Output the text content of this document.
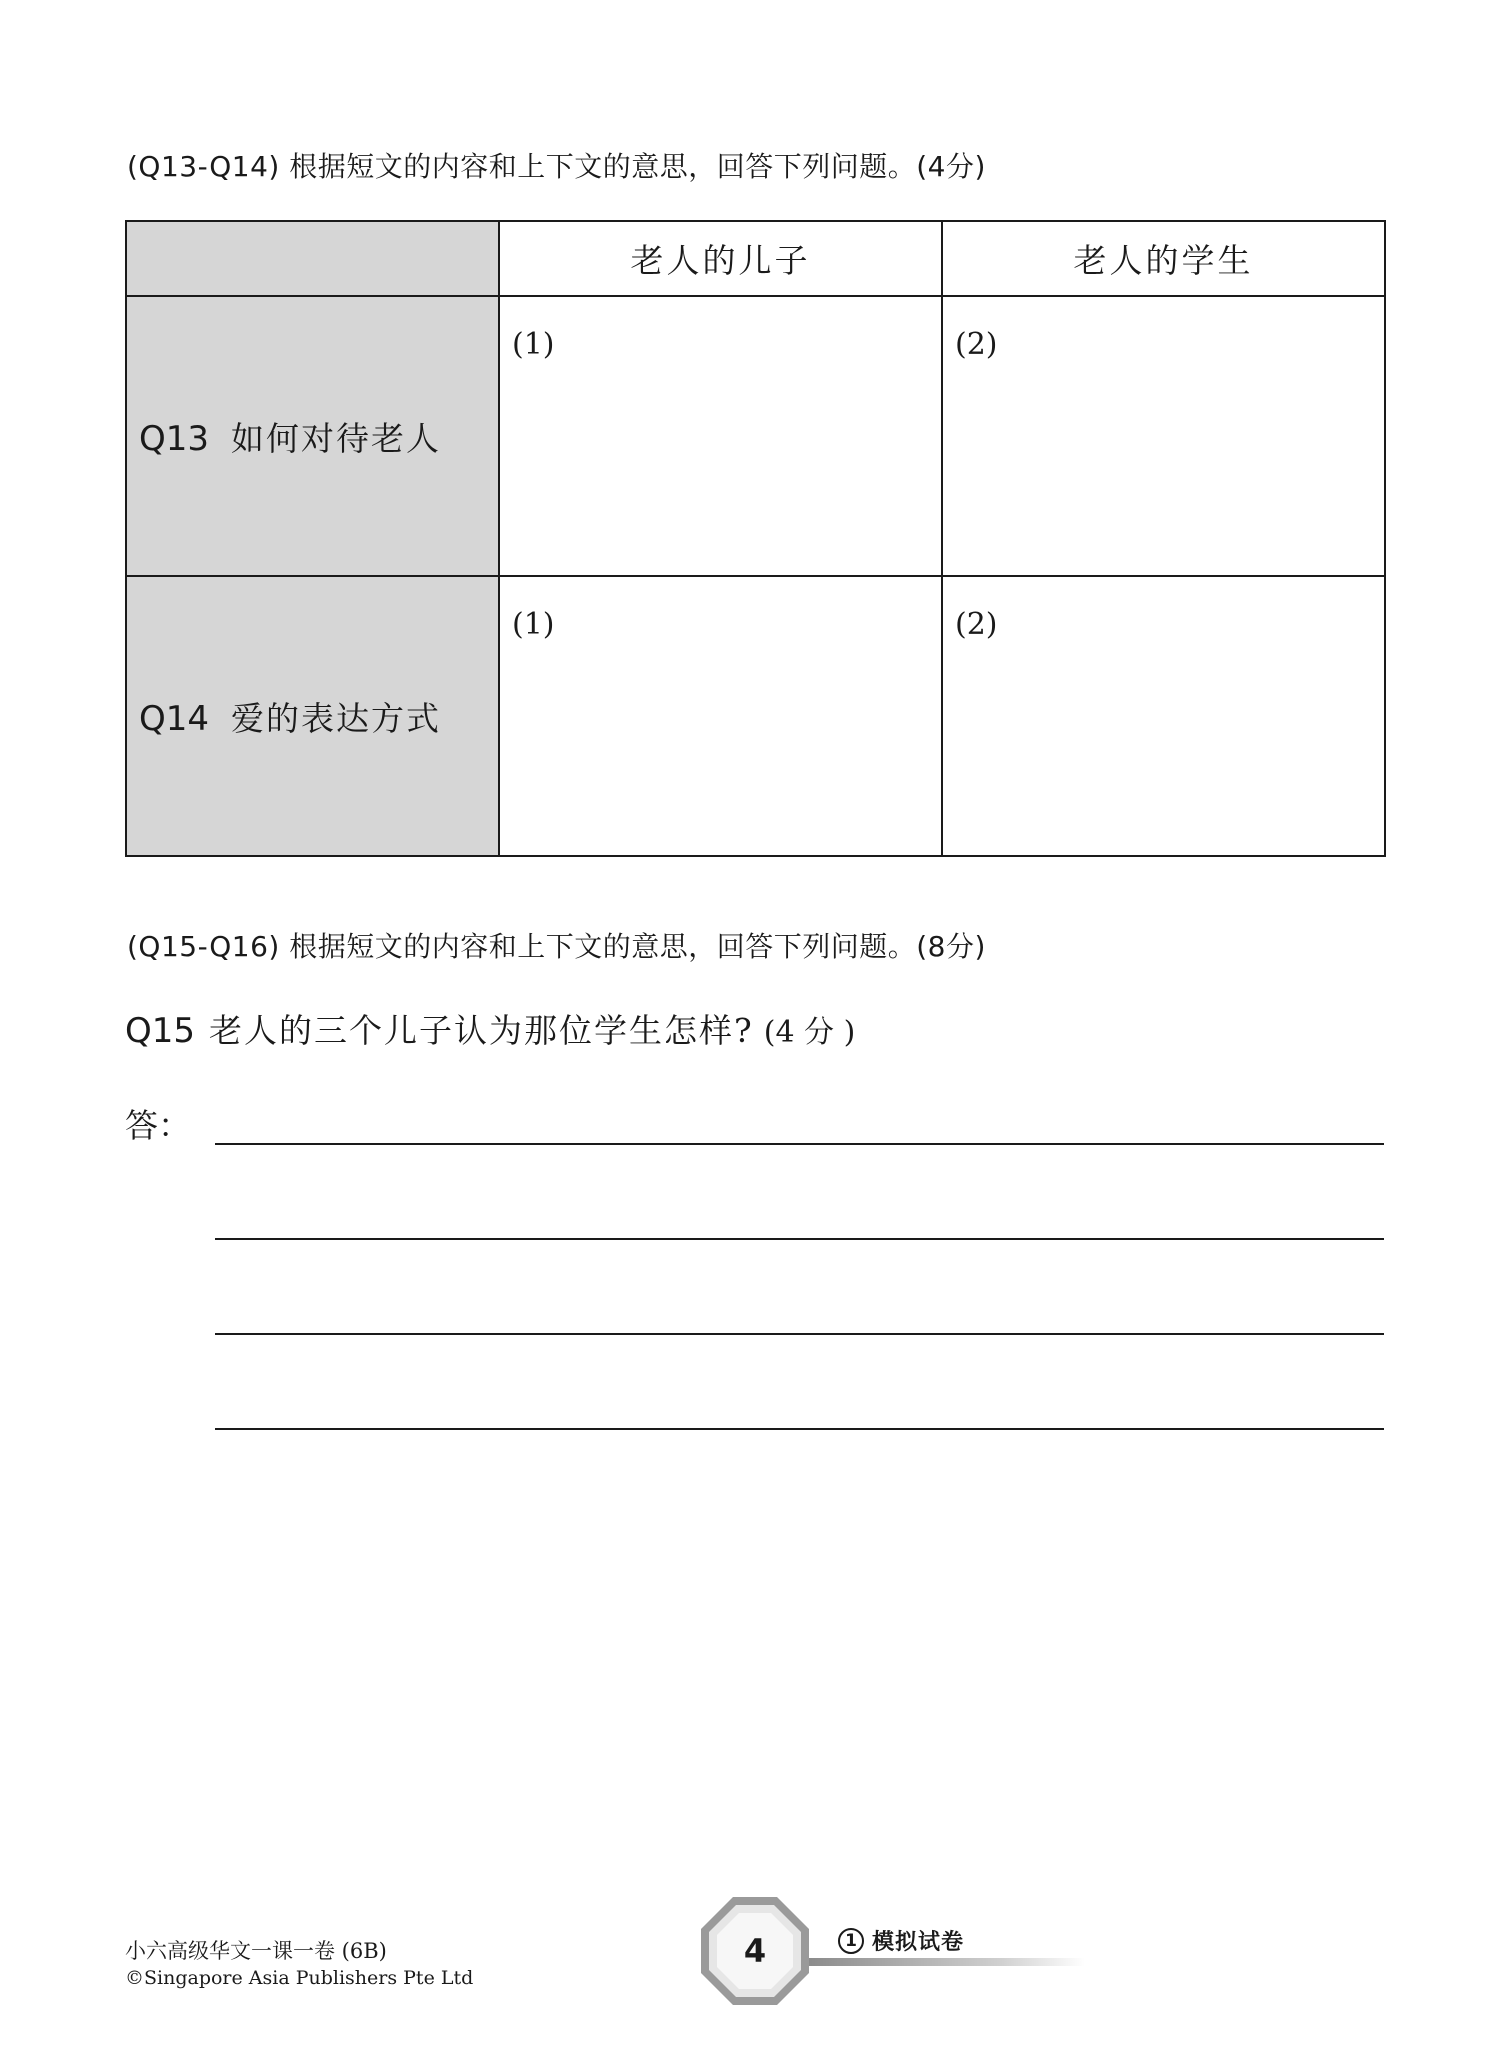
(Q13-Q14) 根据短文的内容和上下文的意思，回答下列问题。(4分)
	老人的儿子	老人的学生
Q13 如何对待老人	(1)	(2)
Q14 爱的表达方式	(1)	(2)
(Q15-Q16) 根据短文的内容和上下文的意思，回答下列问题。(8分)
Q15 老人的三个儿子认为那位学生怎样? (4 分 )
答：
小六高级华文一课一卷 (6B)
©Singapore Asia Publishers Pte Ltd
4	1 模拟试卷
